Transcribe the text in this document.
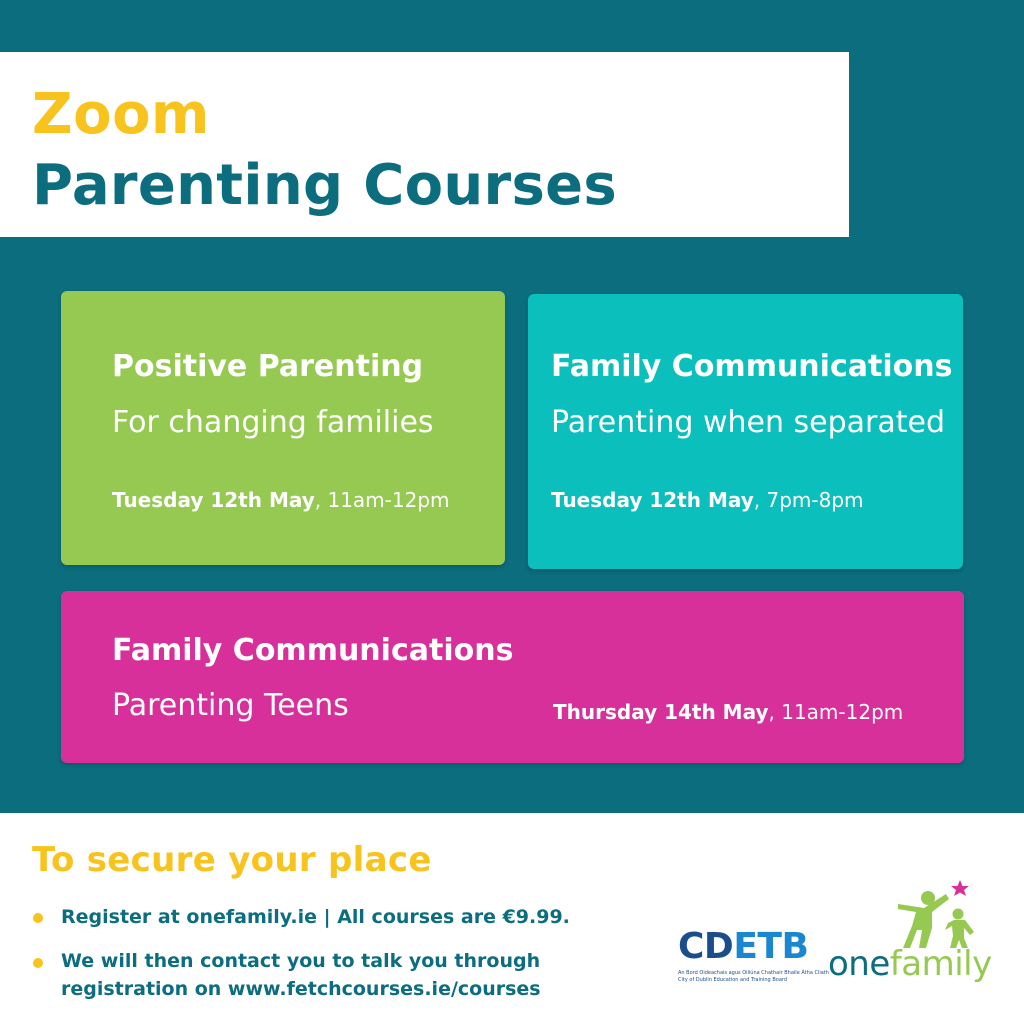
Zoom
Parenting Courses

Positive Parenting

For changing families

Tuesday 12th May, 11am-12pm

Family Communications

Parenting when separated

Tuesday 12th May, 7pm-8pm

Family Communications

Parenting Teens	Thursday 14th May, 11am-12pm

To secure your place

Register at onefamily.ie | All courses are €9.99.

We will then contact you to talk you through

registration on www.fetchcourses.ie/courses

CDETB
An Bord Oideachais agus Oiliúna Chathair Bhaile Átha Cliath
City of Dublin Education and Training Board onefamily
